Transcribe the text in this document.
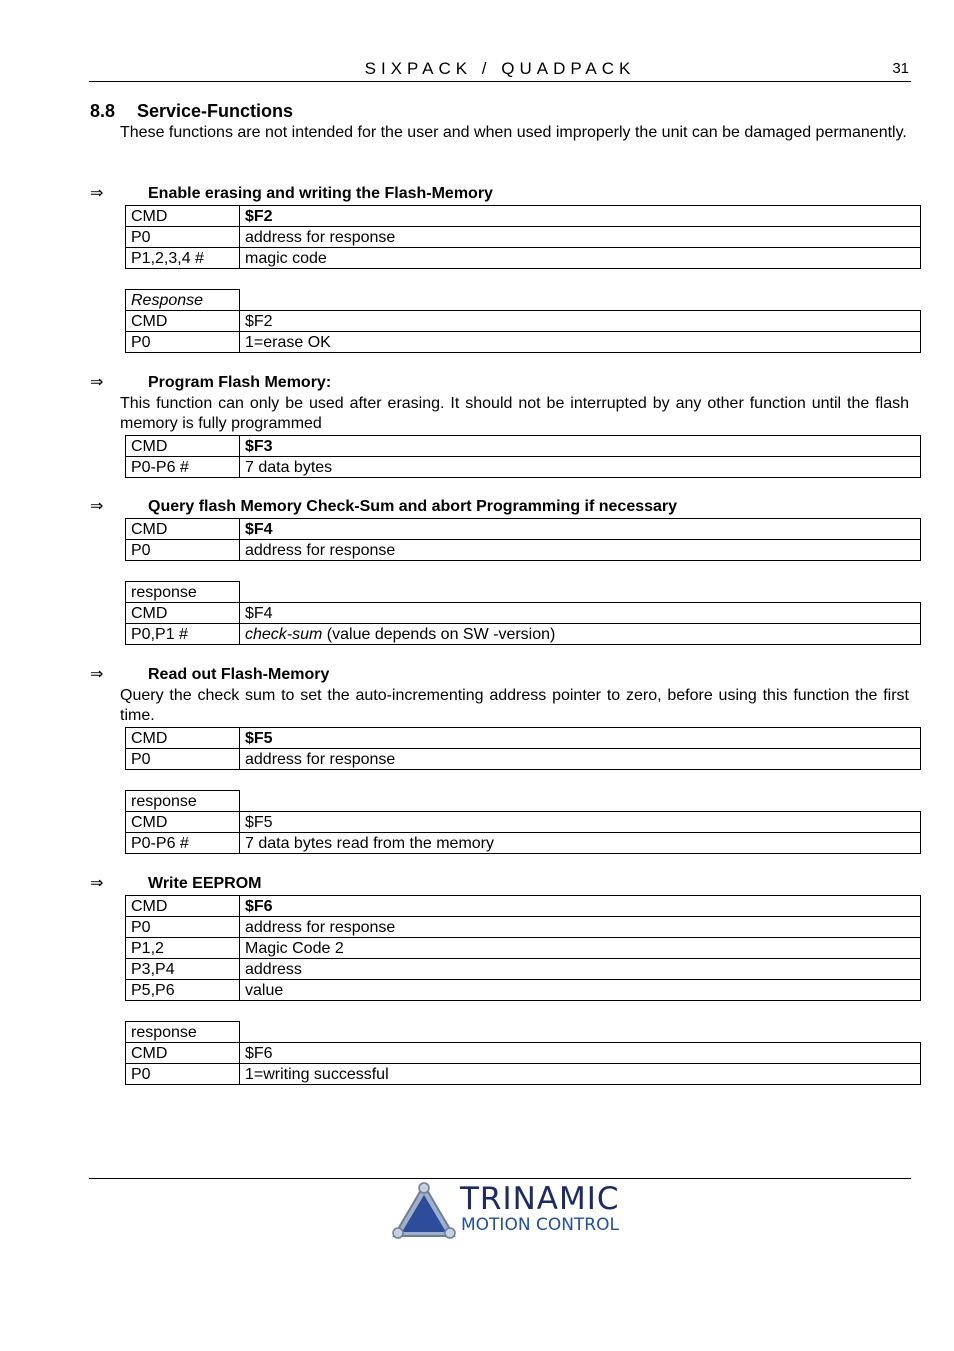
SIXPACK / QUADPACK	31
8.8 Service-Functions

These functions are not intended for the user and when used improperly the unit can be damaged permanently.

⇒	Enable erasing and writing the Flash-Memory
CMD	$F2
P0	address for response
P1,2,3,4 #	magic code
Response	
CMD	$F2
P0	1=erase OK
⇒	Program Flash Memory:

This function can only be used after erasing. It should not be interrupted by any other function until the flash memory is fully programmed

CMD	$F3
P0-P6 #	7 data bytes
⇒	Query flash Memory Check-Sum and abort Programming if necessary
CMD	$F4
P0	address for response
response	
CMD	$F4
P0,P1 #	check-sum (value depends on SW -version)
⇒	Read out Flash-Memory

Query the check sum to set the auto-incrementing address pointer to zero, before using this function the first time.

CMD	$F5
P0	address for response
response	
CMD	$F5
P0-P6 #	7 data bytes read from the memory
⇒	Write EEPROM
CMD	$F6
P0	address for response
P1,2	Magic Code 2
P3,P4	address
P5,P6	value
response	
CMD	$F6
P0	1=writing successful
TRINAMIC
MOTION CONTROL
